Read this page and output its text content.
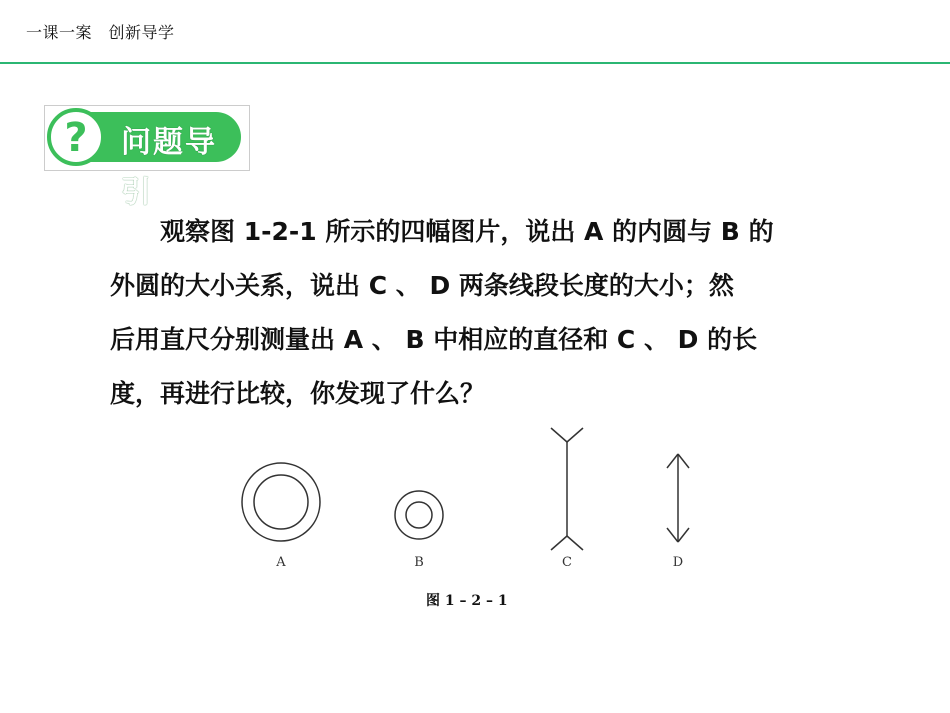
一课一案　创新导学
问题导引
?
观察图 1-2-1 所示的四幅图片，说出 A 的内圆与 B 的
外圆的大小关系，说出 C 、 D 两条线段长度的大小；然
后用直尺分别测量出 A 、 B 中相应的直径和 C 、 D 的长
度，再进行比较，你发现了什么？
A	B	C	D
图 1 – 2 – 1
